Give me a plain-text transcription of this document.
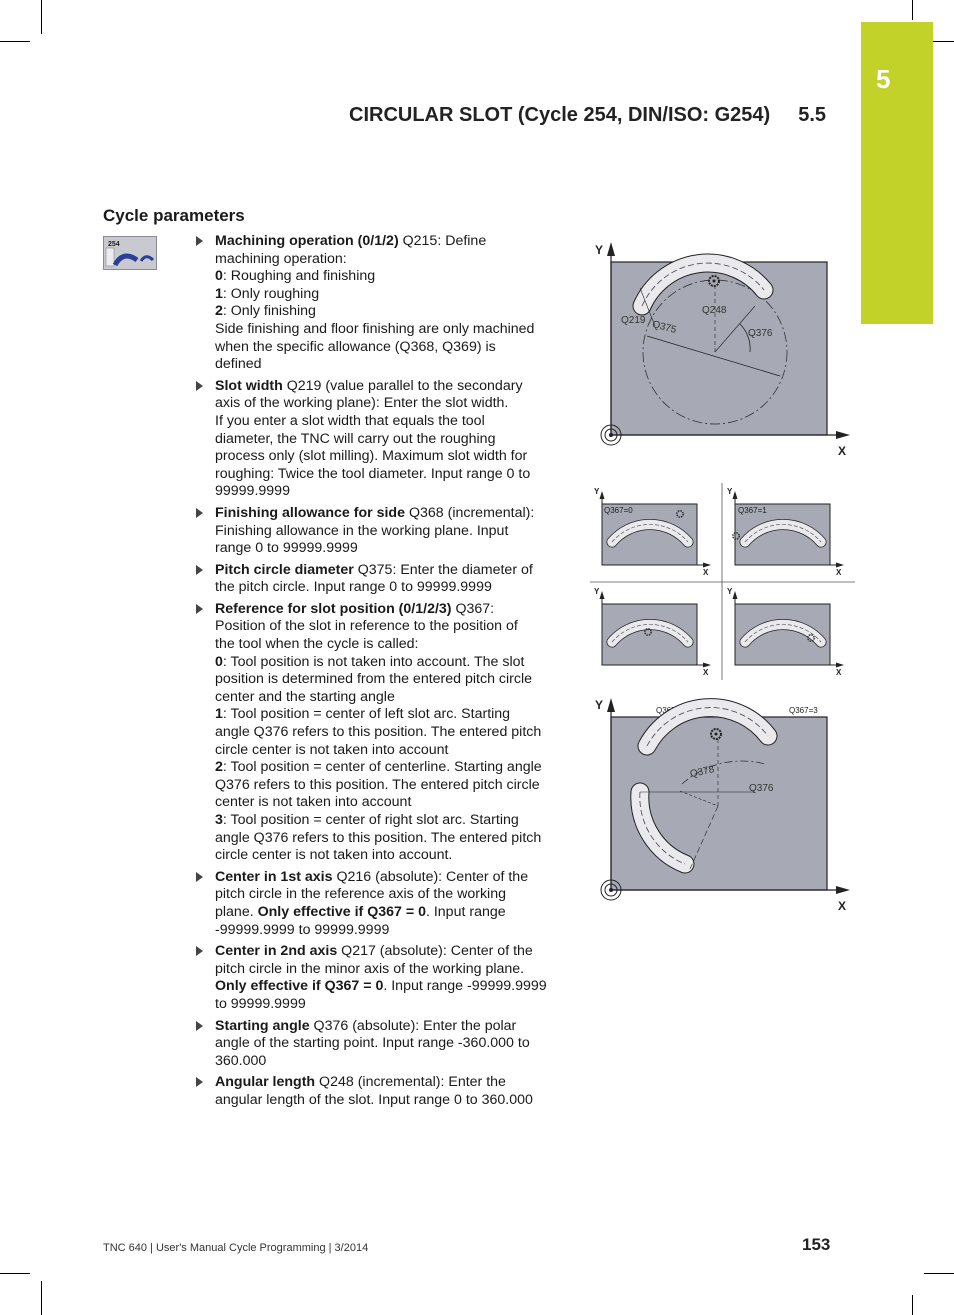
5
CIRCULAR SLOT (Cycle 254, DIN/ISO: G254) 5.5
Cycle parameters
254	Machining operation (0/1/2) Q215: Define
machining operation:
0: Roughing and finishing
1: Only roughing
2: Only finishing
Side finishing and floor finishing are only machined
when the specific allowance (Q368, Q369) is
defined
Slot width Q219 (value parallel to the secondary
axis of the working plane): Enter the slot width.
If you enter a slot width that equals the tool
diameter, the TNC will carry out the roughing
process only (slot milling). Maximum slot width for
roughing: Twice the tool diameter. Input range 0 to
99999.9999
Finishing allowance for side Q368 (incremental):
Finishing allowance in the working plane. Input
range 0 to 99999.9999
Pitch circle diameter Q375: Enter the diameter of
the pitch circle. Input range 0 to 99999.9999
Reference for slot position (0/1/2/3) Q367:
Position of the slot in reference to the position of
the tool when the cycle is called:
0: Tool position is not taken into account. The slot
position is determined from the entered pitch circle
center and the starting angle
1: Tool position = center of left slot arc. Starting
angle Q376 refers to this position. The entered pitch
circle center is not taken into account
2: Tool position = center of centerline. Starting angle
Q376 refers to this position. The entered pitch circle
center is not taken into account
3: Tool position = center of right slot arc. Starting
angle Q376 refers to this position. The entered pitch
circle center is not taken into account.
Center in 1st axis Q216 (absolute): Center of the
pitch circle in the reference axis of the working
plane. Only effective if Q367 = 0. Input range
-99999.9999 to 99999.9999
Center in 2nd axis Q217 (absolute): Center of the
pitch circle in the minor axis of the working plane.
Only effective if Q367 = 0. Input range -99999.9999
to 99999.9999
Starting angle Q376 (absolute): Enter the polar
angle of the starting point. Input range -360.000 to
360.000
Angular length Q248 (incremental): Enter the
angular length of the slot. Input range 0 to 360.000
Y
X
Q219
Q248
Q375	Q376
Y
X
Q367=0
Y
X
Q367=1
Y
X
Q367=2
Y
X
Q367=3
Y
X
Q378
Q376
TNC 640 | User's Manual Cycle Programming | 3/2014	153
